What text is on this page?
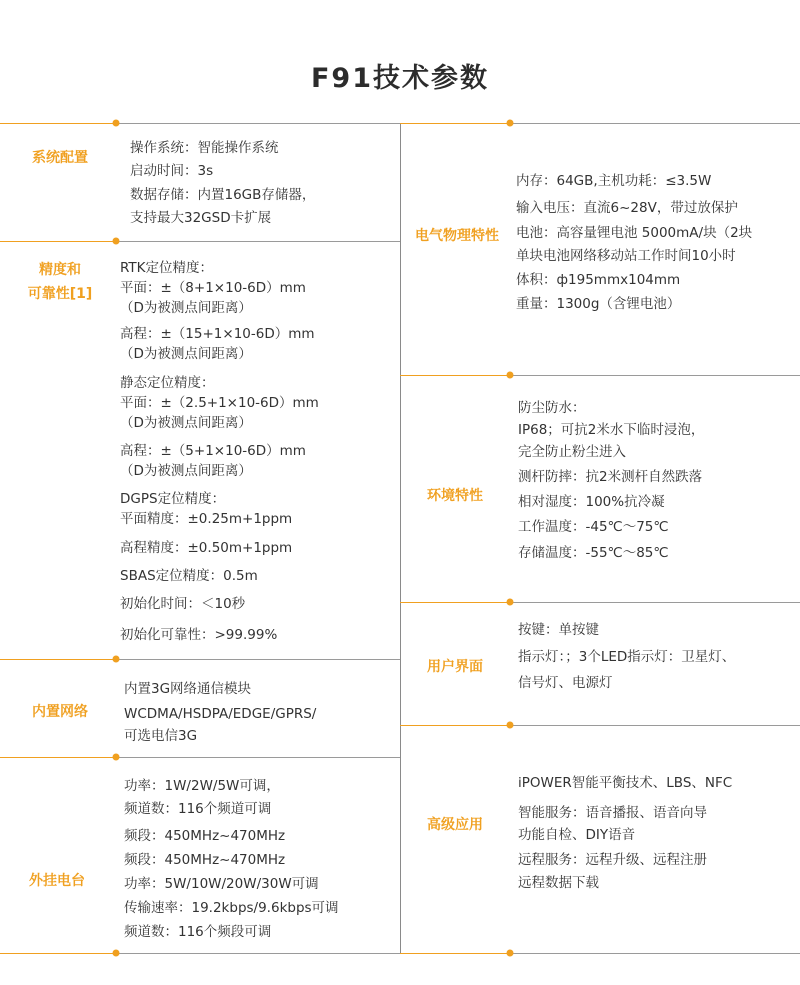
F91技术参数
系统配置
操作系统：智能操作系统
启动时间：3s
数据存储：内置16GB存储器，
支持最大32GSD卡扩展
精度和
可靠性[1]
RTK定位精度：
平面：±（8+1×10-6D）mm
（D为被测点间距离）
高程：±（15+1×10-6D）mm
（D为被测点间距离）
静态定位精度：
平面：±（2.5+1×10-6D）mm
（D为被测点间距离）
高程：±（5+1×10-6D）mm
（D为被测点间距离）
DGPS定位精度：
平面精度：±0.25m+1ppm
高程精度：±0.50m+1ppm
SBAS定位精度：0.5m
初始化时间：＜10秒
初始化可靠性：>99.99%
内置网络
内置3G网络通信模块
WCDMA/HSDPA/EDGE/GPRS/
可选电信3G
外挂电台
功率：1W/2W/5W可调，
频道数：116个频道可调
频段：450MHz~470MHz
频段：450MHz~470MHz
功率：5W/10W/20W/30W可调
传输速率：19.2kbps/9.6kbps可调
频道数：116个频段可调
电气物理特性
内存：64GB,主机功耗：≤3.5W
输入电压：直流6~28V，带过放保护
电池：高容量锂电池 5000mA/块（2块
单块电池网络移动站工作时间10小时
体积：ф195mmx104mm
重量：1300g（含锂电池）
环境特性
防尘防水：
IP68；可抗2米水下临时浸泡，
完全防止粉尘进入
测杆防摔：抗2米测杆自然跌落
相对湿度：100%抗冷凝
工作温度：-45℃～75℃
存储温度：-55℃～85℃
用户界面
按键：单按键
指示灯：；3个LED指示灯：卫星灯、
信号灯、电源灯
高级应用
iPOWER智能平衡技术、LBS、NFC
智能服务：语音播报、语音向导
功能自检、DIY语音
远程服务：远程升级、远程注册
远程数据下载
